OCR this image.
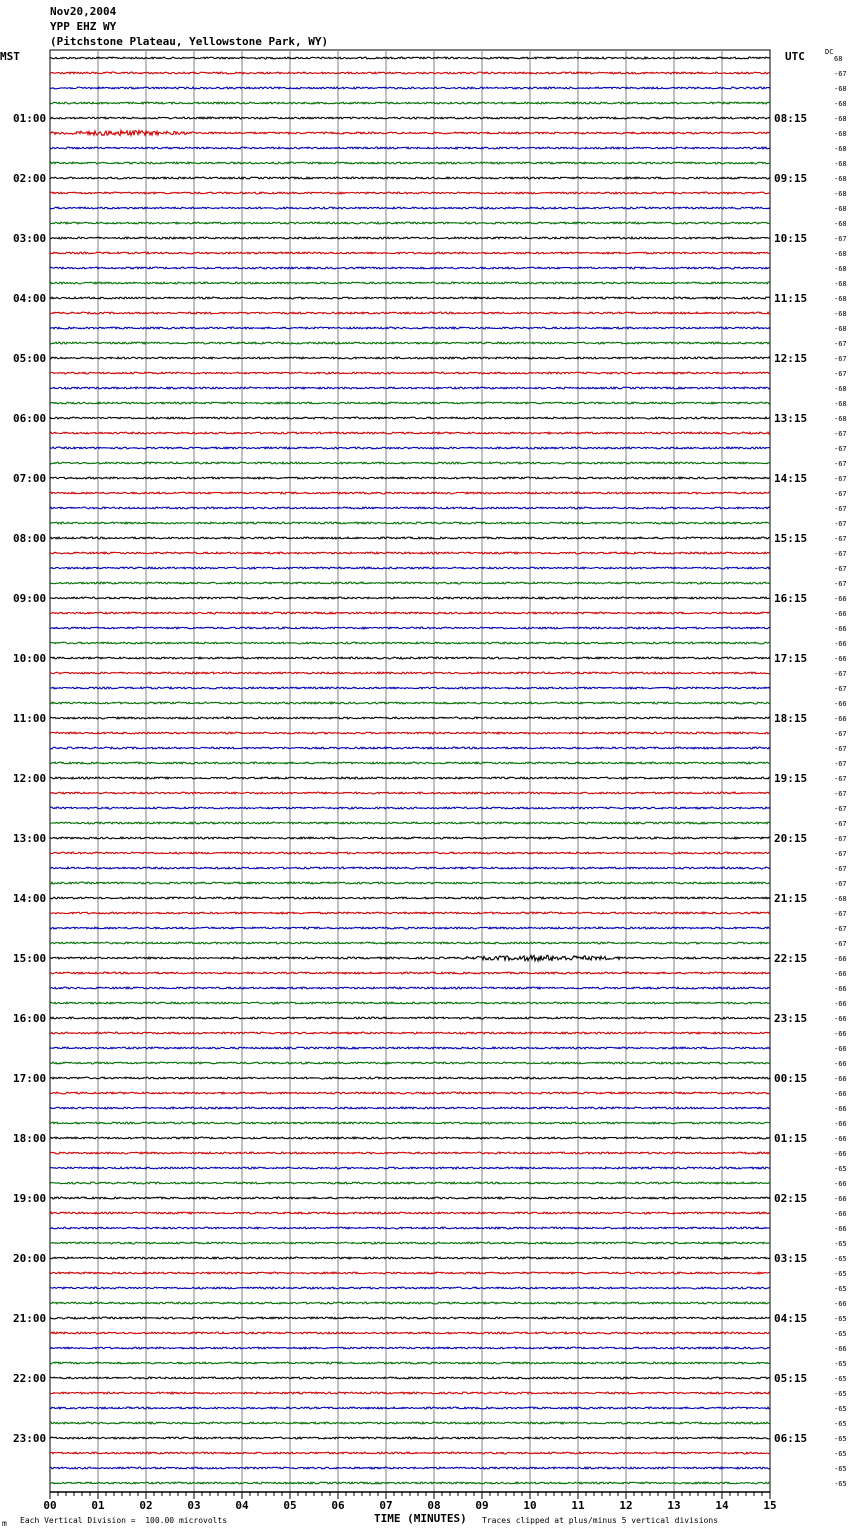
Nov20,2004
YPP EHZ WY
(Pitchstone Plateau, Yellowstone Park, WY)
MST	UTC	DC
68
-67
-68
-68
-68
-68
-68
-68
-68
-68
-68
-68
-67
-68
-68
-68
-68
-68
-68
-67
-67
-67
-68
-68
-68
-67
-67
-67
-67
-67
-67
-67
-67
-67
-67
-67
-66
-66
-66
-66
-66
-67
-67
-66
-66
-67
-67
-67
-67
-67
-67
-67
-67
-67
-67
-67
-68
-67
-67
-67
-66
-66
-66
-66
-66
-66
-66
-66
-66
-66
-66
-66
-66
-66
-65
-66
-66
-66
-66
-65
-65
-65
-65
-66
-65
-65
-66
-65
-65
-65
-65
-65
-65
-65
-65
-65
01:00
02:00
03:00
04:00
05:00
06:00
07:00
08:00
09:00
10:00
11:00
12:00
13:00
14:00
15:00
16:00
17:00
18:00
19:00
20:00
21:00
22:00
23:00
08:15
09:15
10:15
11:15
12:15
13:15
14:15
15:15
16:15
17:15
18:15
19:15
20:15
21:15
22:15
23:15
00:15
01:15
02:15
03:15
04:15
05:15
06:15
00	01	02	03	04	05	06	07	08	09	10	11	12	13	14	15
TIME (MINUTES)
Each Vertical Division =  100.00 microvolts	Traces clipped at plus/minus 5 vertical divisions
m
